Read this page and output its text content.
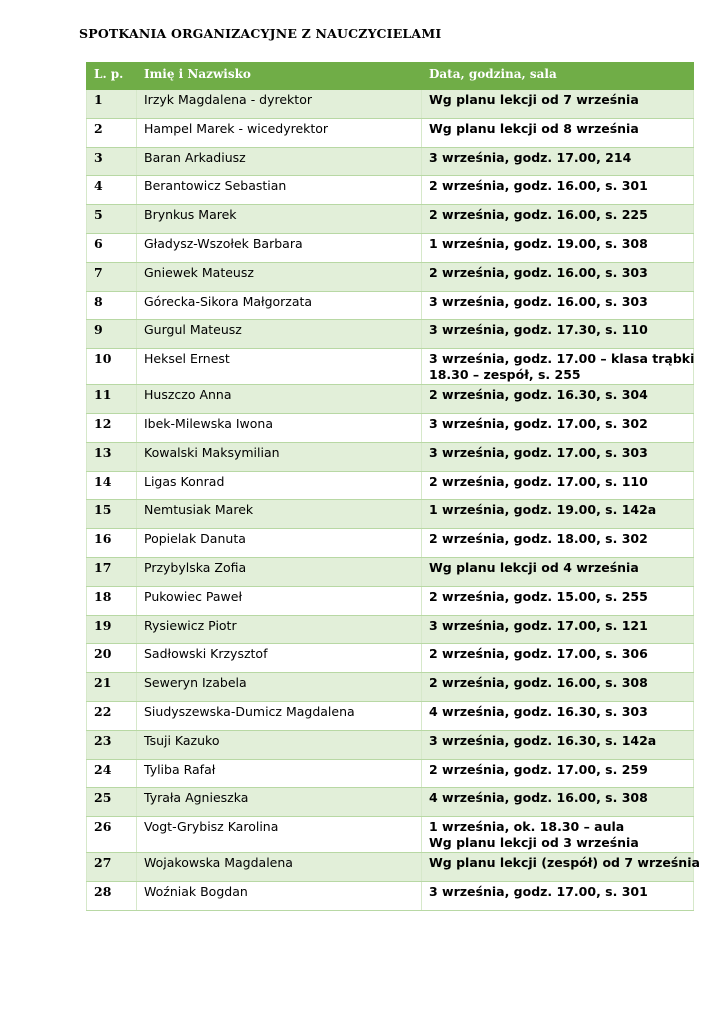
SPOTKANIA ORGANIZACYJNE Z NAUCZYCIELAMI
L. p.	Imię i Nazwisko	Data, godzina, sala
1	Irzyk Magdalena - dyrektor	Wg planu lekcji od 7 września

2	Hampel Marek - wicedyrektor	Wg planu lekcji od 8 września

3	Baran Arkadiusz	3 września, godz. 17.00, 214

4	Berantowicz Sebastian	2 września, godz. 16.00, s. 301

5	Brynkus Marek	2 września, godz. 16.00, s. 225

6	Gładysz-Wszołek Barbara	1 września, godz. 19.00, s. 308

7	Gniewek Mateusz	2 września, godz. 16.00, s. 303

8	Górecka-Sikora Małgorzata	3 września, godz. 16.00, s. 303

9	Gurgul Mateusz	3 września, godz. 17.30, s. 110

10	Heksel Ernest	3 września, godz. 17.00 – klasa trąbki
18.30 – zespół, s. 255

11	Huszczo Anna	2 września, godz. 16.30, s. 304

12	Ibek-Milewska Iwona	3 września, godz. 17.00, s. 302

13	Kowalski Maksymilian	3 września, godz. 17.00, s. 303

14	Ligas Konrad	2 września, godz. 17.00, s. 110

15	Nemtusiak Marek	1 września, godz. 19.00, s. 142a

16	Popielak Danuta	2 września, godz. 18.00, s. 302

17	Przybylska Zofia	Wg planu lekcji od 4 września

18	Pukowiec Paweł	2 września, godz. 15.00, s. 255

19	Rysiewicz Piotr	3 września, godz. 17.00, s. 121

20	Sadłowski Krzysztof	2 września, godz. 17.00, s. 306

21	Seweryn Izabela	2 września, godz. 16.00, s. 308

22	Siudyszewska-Dumicz Magdalena	4 września, godz. 16.30, s. 303

23	Tsuji Kazuko	3 września, godz. 16.30, s. 142a

24	Tyliba Rafał	2 września, godz. 17.00, s. 259

25	Tyrała Agnieszka	4 września, godz. 16.00, s. 308

26	Vogt-Grybisz Karolina	1 września, ok. 18.30 – aula
Wg planu lekcji od 3 września

27	Wojakowska Magdalena	Wg planu lekcji (zespół) od 7 września

28	Woźniak Bogdan	3 września, godz. 17.00, s. 301
